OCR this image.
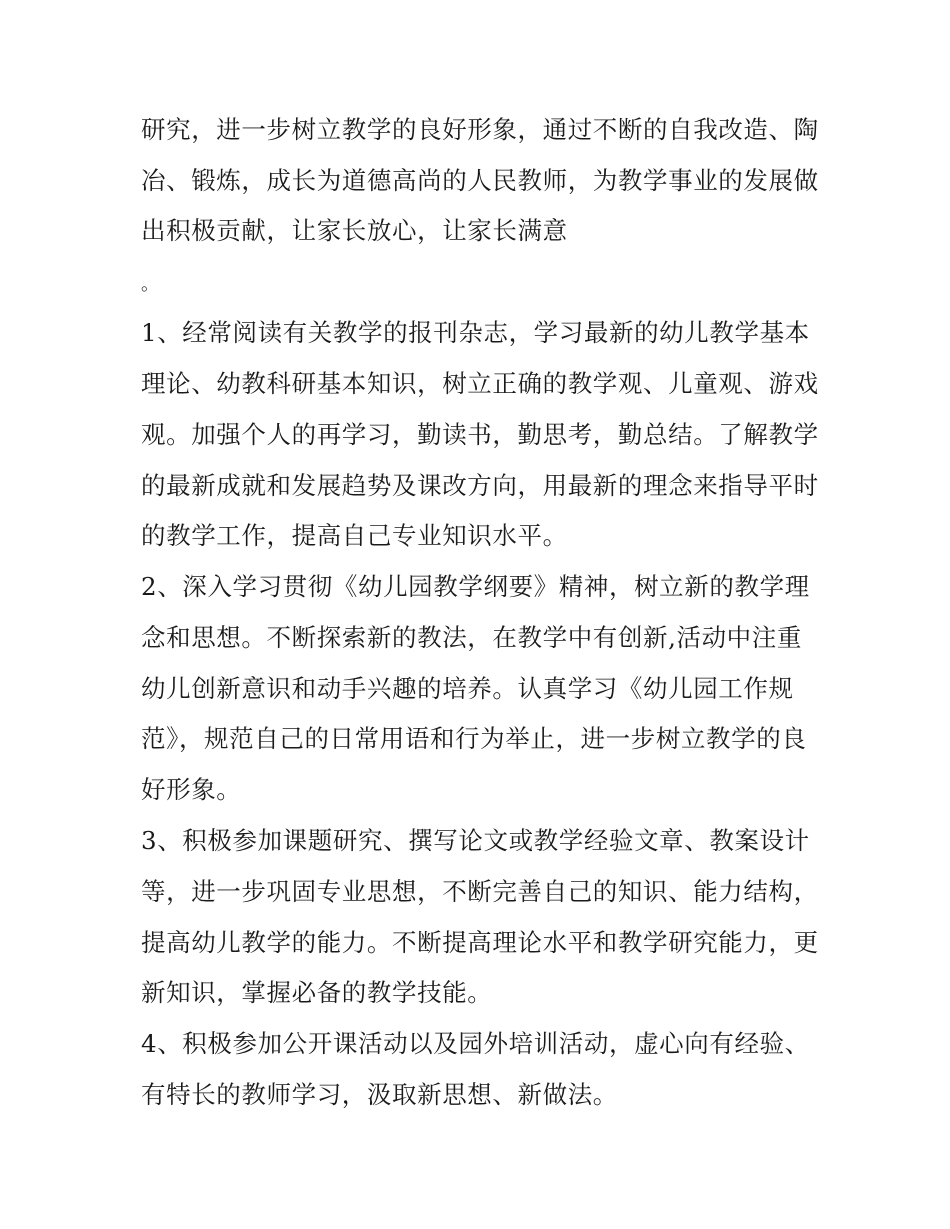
研究，进一步树立教学的良好形象，通过不断的自我改造、陶

冶、锻炼，成长为道德高尚的人民教师，为教学事业的发展做

出积极贡献，让家长放心，让家长满意

。

1、经常阅读有关教学的报刊杂志，学习最新的幼儿教学基本

理论、幼教科研基本知识，树立正确的教学观、儿童观、游戏

观。加强个人的再学习，勤读书，勤思考，勤总结。了解教学

的最新成就和发展趋势及课改方向，用最新的理念来指导平时

的教学工作，提高自己专业知识水平。

2、深入学习贯彻《幼儿园教学纲要》精神，树立新的教学理

念和思想。不断探索新的教法，在教学中有创新,活动中注重

幼儿创新意识和动手兴趣的培养。认真学习《幼儿园工作规

范》，规范自己的日常用语和行为举止，进一步树立教学的良

好形象。

3、积极参加课题研究、撰写论文或教学经验文章、教案设计

等，进一步巩固专业思想，不断完善自己的知识、能力结构，

提高幼儿教学的能力。不断提高理论水平和教学研究能力，更

新知识，掌握必备的教学技能。

4、积极参加公开课活动以及园外培训活动，虚心向有经验、

有特长的教师学习，汲取新思想、新做法。
